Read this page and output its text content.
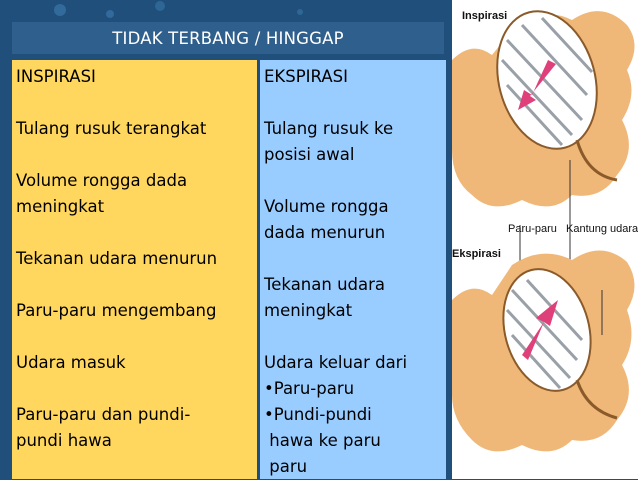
TIDAK TERBANG / HINGGAP
INSPIRASI
Tulang rusuk terangkat
Volume rongga dada
meningkat
Tekanan udara menurun
Paru-paru mengembang
Udara masuk
Paru-paru dan pundi-
pundi hawa
EKSPIRASI
Tulang rusuk ke
posisi awal
Volume rongga
dada menurun
Tekanan udara
meningkat
Udara keluar dari
•Paru-paru
•Pundi-pundi
hawa ke paru
paru
Inspirasi
Paru-paru Kantung udara
Ekspirasi
